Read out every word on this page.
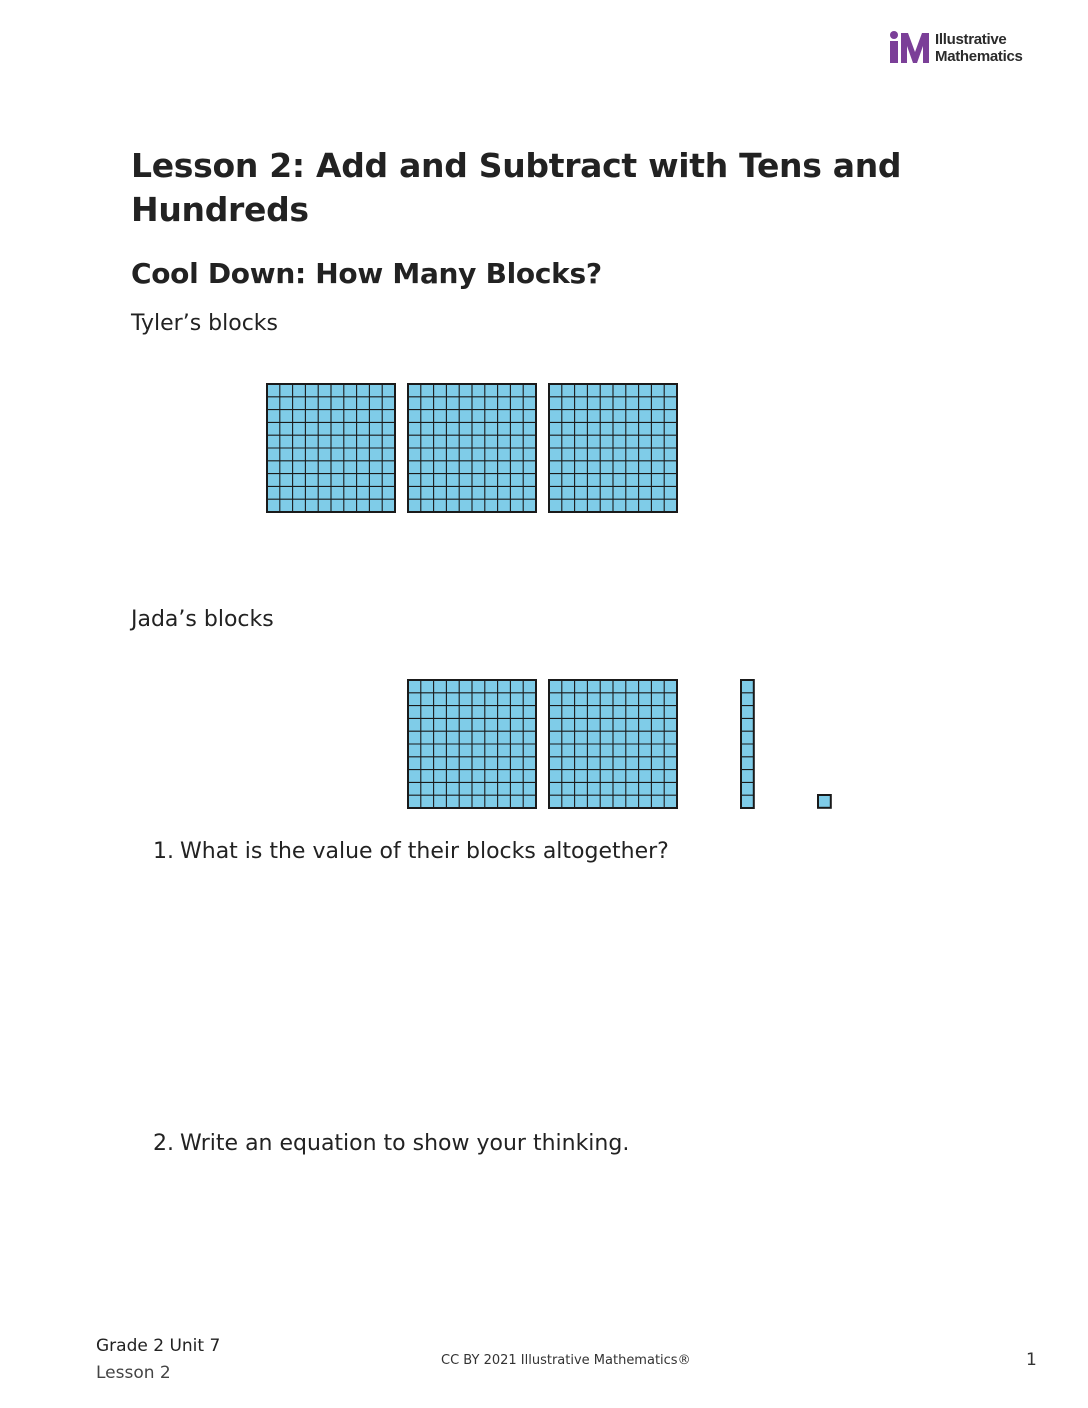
Illustrative
Mathematics
Lesson 2: Add and Subtract with Tens and Hundreds
Cool Down: How Many Blocks?
Tyler’s blocks
Jada’s blocks
1. What is the value of their blocks altogether?
2. Write an equation to show your thinking.
Grade 2 Unit 7
Lesson 2
CC BY 2021 Illustrative Mathematics®	1
